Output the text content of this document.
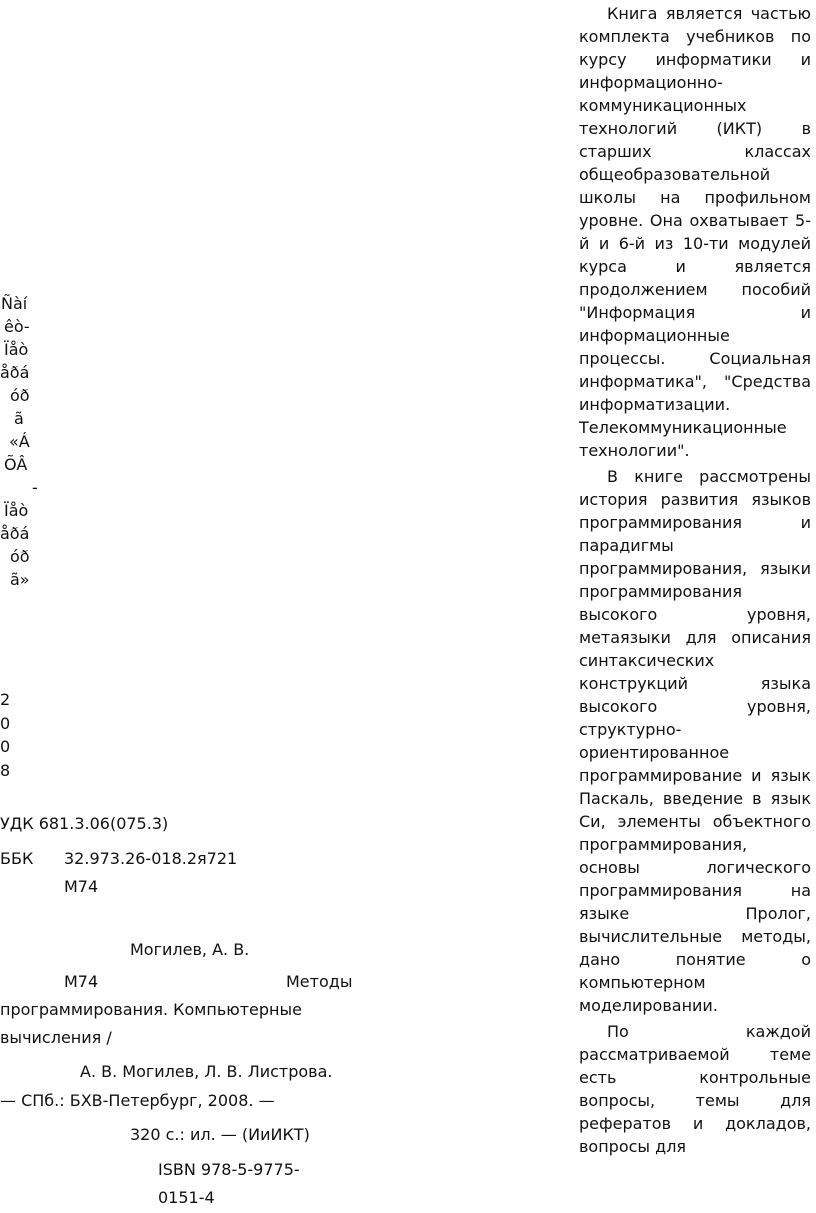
Ñàí
êò-
Ïåò
åðá
óð
ã
«Á
ÕÂ
-
Ïåò
åðá
óð
ã»
2
0
0
8
УДК 681.3.06(075.3)
ББК 32.973.26-018.2я721
М74
Могилев, А. В.
М74	Методы
программирования. Компьютерные
вычисления /
А. В. Могилев, Л. В. Листрова.
— СПб.: БХВ-Петербург, 2008. —
320 с.: ил. — (ИиИКТ)
ISBN 978-5-9775-
0151-4

Книга является частью комплекта учебников по курсу информатики и информационно-коммуникационных технологий (ИКТ) в старших классах общеобразовательной школы на профильном уровне. Она охватывает 5-й и 6-й из 10-ти модулей курса и является продолжением пособий "Информация и информационные процессы. Социальная информатика", "Средства информатизации. Телекоммуникационные технологии".

В книге рассмотрены история развития языков программирования и парадигмы программирования, языки программирования высокого уровня, метаязыки для описания синтаксических конструкций языка высокого уровня, структурно-ориентированное программирование и язык Паскаль, введение в язык Си, элементы объектного программирования, основы логического программирования на языке Пролог, вычислительные методы, дано понятие о компьютерном моделировании.

По каждой рассматриваемой теме есть контрольные вопросы, темы для рефератов и докладов, вопросы для
